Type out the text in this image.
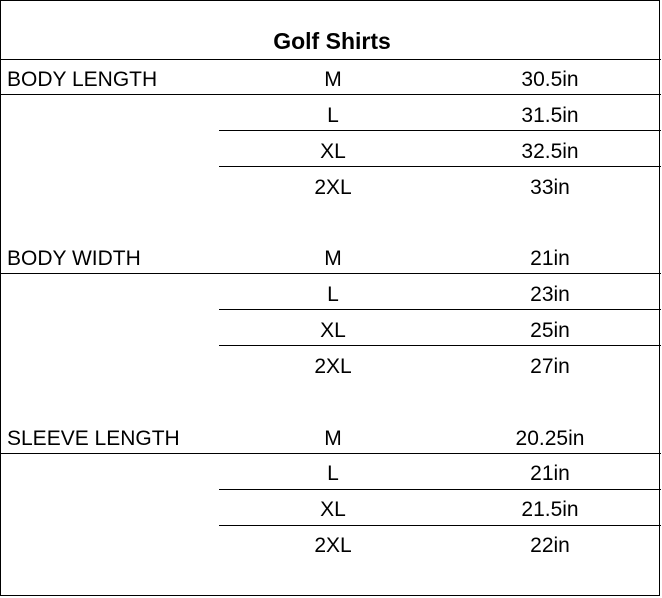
Golf Shirts
BODY LENGTH	M	30.5in
L	31.5in
XL	32.5in
2XL	33in
BODY WIDTH	M	21in
L	23in
XL	25in
2XL	27in
SLEEVE LENGTH	M	20.25in
L	21in
XL	21.5in
2XL	22in
